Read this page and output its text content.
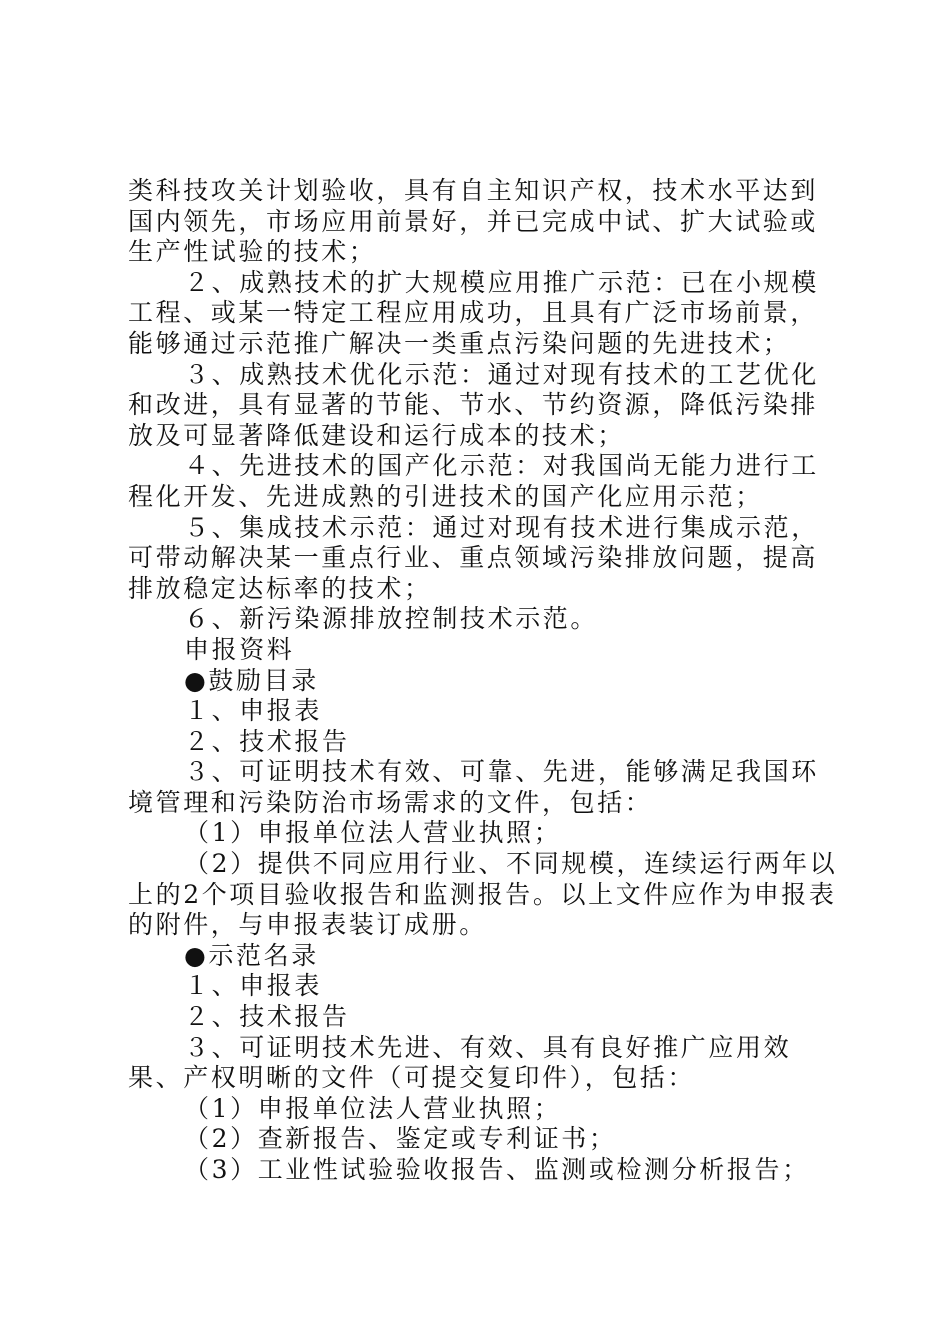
类科技攻关计划验收，具有自主知识产权，技术水平达到国内领先，市场应用前景好，并已完成中试、扩大试验或生产性试验的技术；

２、成熟技术的扩大规模应用推广示范：已在小规模工程、或某一特定工程应用成功，且具有广泛市场前景，能够通过示范推广解决一类重点污染问题的先进技术；

３、成熟技术优化示范：通过对现有技术的工艺优化和改进，具有显著的节能、节水、节约资源，降低污染排放及可显著降低建设和运行成本的技术；

４、先进技术的国产化示范：对我国尚无能力进行工程化开发、先进成熟的引进技术的国产化应用示范；

５、集成技术示范：通过对现有技术进行集成示范，可带动解决某一重点行业、重点领域污染排放问题，提高排放稳定达标率的技术；

６、新污染源排放控制技术示范。

申报资料

●鼓励目录

１、申报表

２、技术报告

３、可证明技术有效、可靠、先进，能够满足我国环境管理和污染防治市场需求的文件，包括：

（1）申报单位法人营业执照；

（2）提供不同应用行业、不同规模，连续运行两年以上的2个项目验收报告和监测报告。以上文件应作为申报表的附件，与申报表装订成册。

●示范名录

１、申报表

２、技术报告

３、可证明技术先进、有效、具有良好推广应用效果、产权明晰的文件（可提交复印件），包括：

（1）申报单位法人营业执照；

（2）查新报告、鉴定或专利证书；

（3）工业性试验验收报告、监测或检测分析报告；
